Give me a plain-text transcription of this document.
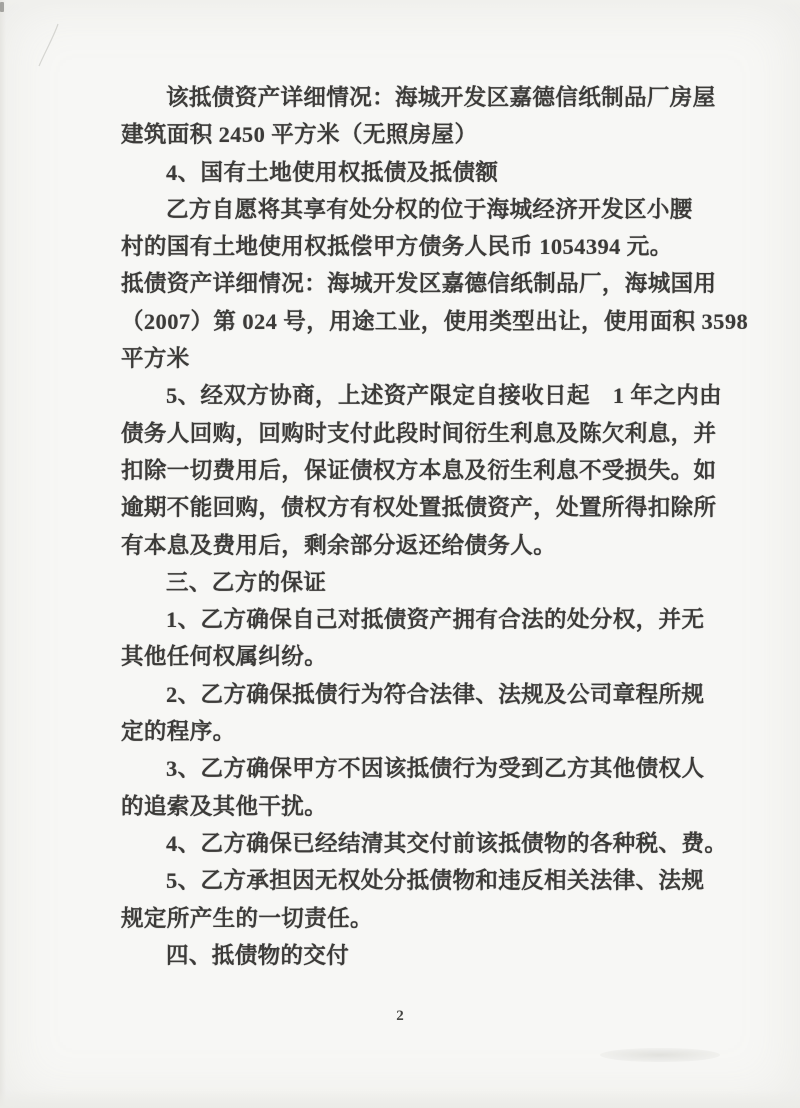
该抵债资产详细情况：海城开发区嘉德信纸制品厂房屋
建筑面积 2450 平方米（无照房屋）
4、国有土地使用权抵债及抵债额
乙方自愿将其享有处分权的位于海城经济开发区小腰
村的国有土地使用权抵偿甲方债务人民币 1054394 元。
抵债资产详细情况：海城开发区嘉德信纸制品厂，海城国用
（2007）第 024 号，用途工业，使用类型出让，使用面积 3598
平方米
5、经双方协商，上述资产限定自接收日起　1 年之内由
债务人回购，回购时支付此段时间衍生利息及陈欠利息，并
扣除一切费用后，保证债权方本息及衍生利息不受损失。如
逾期不能回购，债权方有权处置抵债资产，处置所得扣除所
有本息及费用后，剩余部分返还给债务人。
三、乙方的保证
1、乙方确保自己对抵债资产拥有合法的处分权，并无
其他任何权属纠纷。
2、乙方确保抵债行为符合法律、法规及公司章程所规
定的程序。
3、乙方确保甲方不因该抵债行为受到乙方其他债权人
的追索及其他干扰。
4、乙方确保已经结清其交付前该抵债物的各种税、费。
5、乙方承担因无权处分抵债物和违反相关法律、法规
规定所产生的一切责任。
四、抵债物的交付
2
